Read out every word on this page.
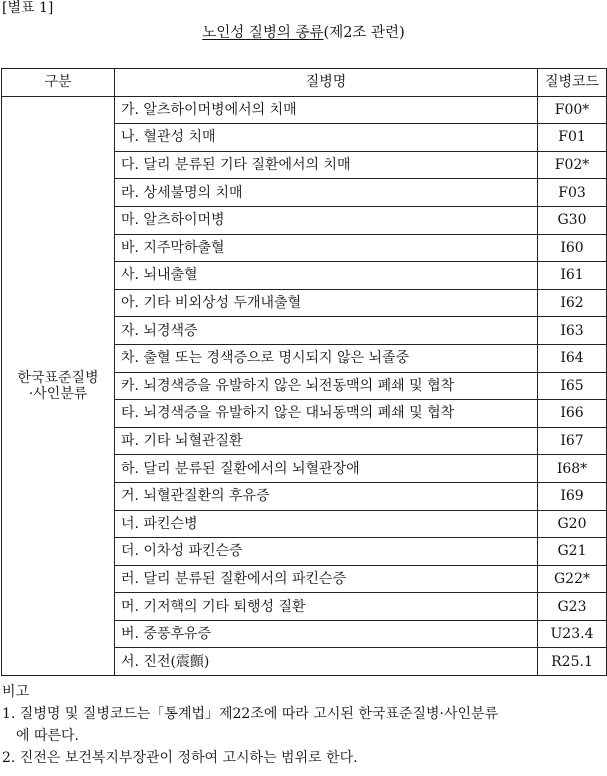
[별표 1]
노인성 질병의 종류(제2조 관련)
구분	질병명	질병코드
한국표준질병
·사인분류	가. 알츠하이머병에서의 치매	F00*
	나. 혈관성 치매	F01
	다. 달리 분류된 기타 질환에서의 치매	F02*
	라. 상세불명의 치매	F03
	마. 알츠하이머병	G30
	바. 지주막하출혈	I60
	사. 뇌내출혈	I61
	아. 기타 비외상성 두개내출혈	I62
	자. 뇌경색증	I63
	차. 출혈 또는 경색증으로 명시되지 않은 뇌졸중	I64
	카. 뇌경색증을 유발하지 않은 뇌전동맥의 폐쇄 및 협착	I65
	타. 뇌경색증을 유발하지 않은 대뇌동맥의 폐쇄 및 협착	I66
	파. 기타 뇌혈관질환	I67
	하. 달리 분류된 질환에서의 뇌혈관장애	I68*
	거. 뇌혈관질환의 후유증	I69
	너. 파킨슨병	G20
	더. 이차성 파킨슨증	G21
	러. 달리 분류된 질환에서의 파킨슨증	G22*
	머. 기저핵의 기타 퇴행성 질환	G23
	버. 중풍후유증	U23.4
	서. 진전(震顫)	R25.1
비고
1. 질병명 및 질병코드는「통계법」제22조에 따라 고시된 한국표준질병·사인분류
에 따른다.
2. 진전은 보건복지부장관이 정하여 고시하는 범위로 한다.
